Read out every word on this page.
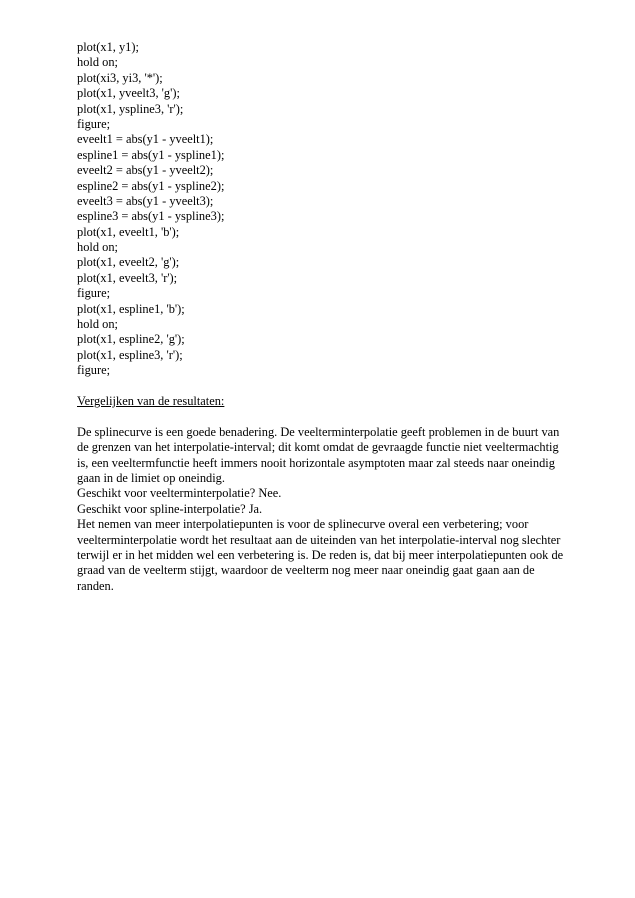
plot(x1, y1);

hold on;

plot(xi3, yi3, '*');

plot(x1, yveelt3, 'g');

plot(x1, yspline3, 'r');

figure;

eveelt1 = abs(y1 - yveelt1);

espline1 = abs(y1 - yspline1);

eveelt2 = abs(y1 - yveelt2);

espline2 = abs(y1 - yspline2);

eveelt3 = abs(y1 - yveelt3);

espline3 = abs(y1 - yspline3);

plot(x1, eveelt1, 'b');

hold on;

plot(x1, eveelt2, 'g');

plot(x1, eveelt3, 'r');

figure;

plot(x1, espline1, 'b');

hold on;

plot(x1, espline2, 'g');

plot(x1, espline3, 'r');

figure;

Vergelijken van de resultaten:

De splinecurve is een goede benadering. De veelterminterpolatie geeft problemen in de buurt van de grenzen van het interpolatie-interval; dit komt omdat de gevraagde functie niet veeltermachtig is, een veeltermfunctie heeft immers nooit horizontale asymptoten maar zal steeds naar oneindig gaan in de limiet op oneindig.

Geschikt voor veelterminterpolatie? Nee.

Geschikt voor spline-interpolatie? Ja.

Het nemen van meer interpolatiepunten is voor de splinecurve overal een verbetering; voor veelterminterpolatie wordt het resultaat aan de uiteinden van het interpolatie-interval nog slechter terwijl er in het midden wel een verbetering is. De reden is, dat bij meer interpolatiepunten ook de graad van de veelterm stijgt, waardoor de veelterm nog meer naar oneindig gaat gaan aan de randen.
